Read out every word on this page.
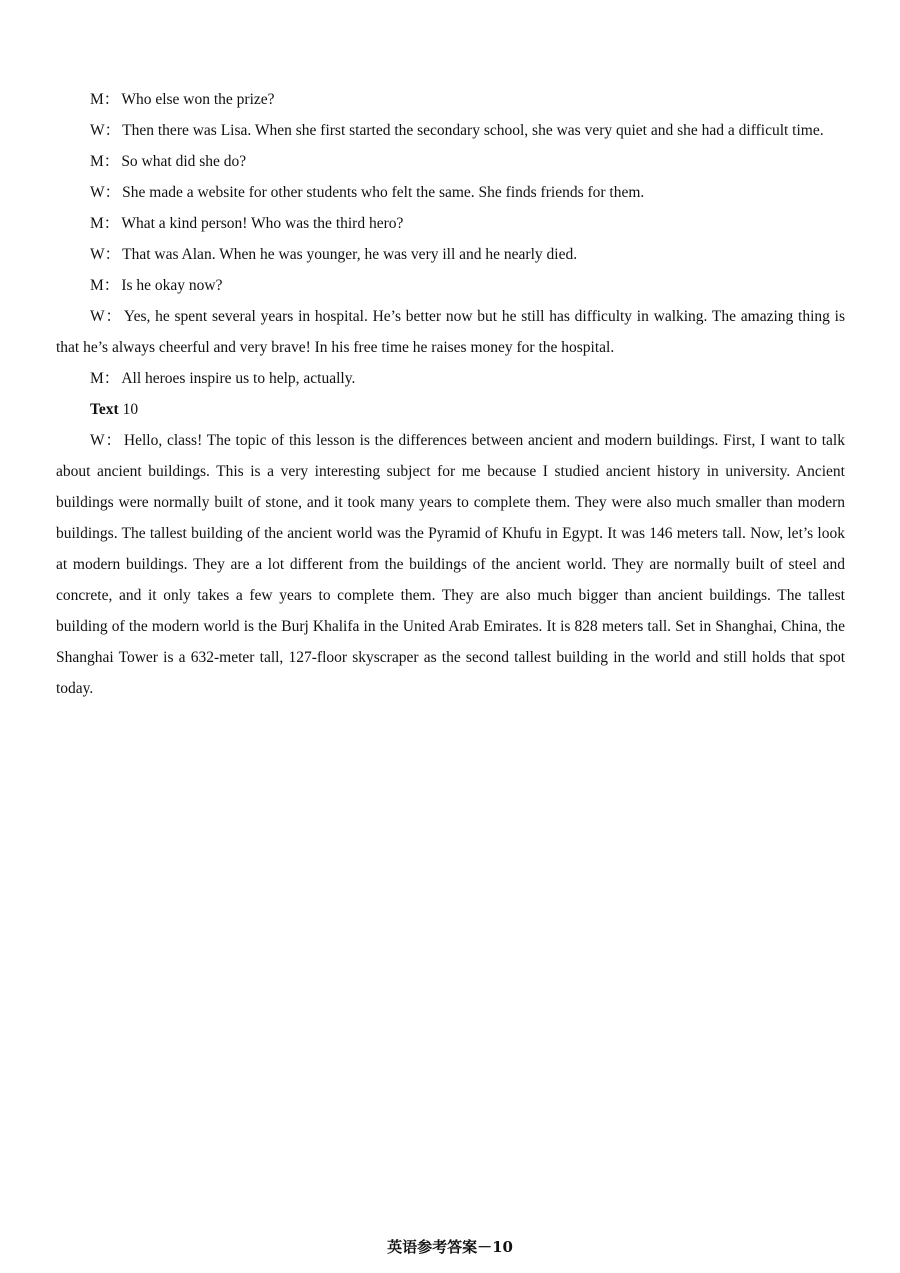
M： Who else won the prize?

W： Then there was Lisa. When she first started the secondary school, she was very quiet and she had a difficult time.

M： So what did she do?

W： She made a website for other students who felt the same. She finds friends for them.

M： What a kind person! Who was the third hero?

W： That was Alan. When he was younger, he was very ill and he nearly died.

M： Is he okay now?

W： Yes, he spent several years in hospital. He’s better now but he still has difficulty in walking. The amazing thing is that he’s always cheerful and very brave! In his free time he raises money for the hospital.

M： All heroes inspire us to help, actually.

Text 10

W： Hello, class! The topic of this lesson is the differences between ancient and modern buildings. First, I want to talk about ancient buildings. This is a very interesting subject for me because I studied ancient history in university. Ancient buildings were normally built of stone, and it took many years to complete them. They were also much smaller than modern buildings. The tallest building of the ancient world was the Pyramid of Khufu in Egypt. It was 146 meters tall. Now, let’s look at modern buildings. They are a lot different from the buildings of the ancient world. They are normally built of steel and concrete, and it only takes a few years to complete them. They are also much bigger than ancient buildings. The tallest building of the modern world is the Burj Khalifa in the United Arab Emirates. It is 828 meters tall. Set in Shanghai, China, the Shanghai Tower is a 632-meter tall, 127-floor skyscraper as the second tallest building in the world and still holds that spot today.

英语参考答案－10
